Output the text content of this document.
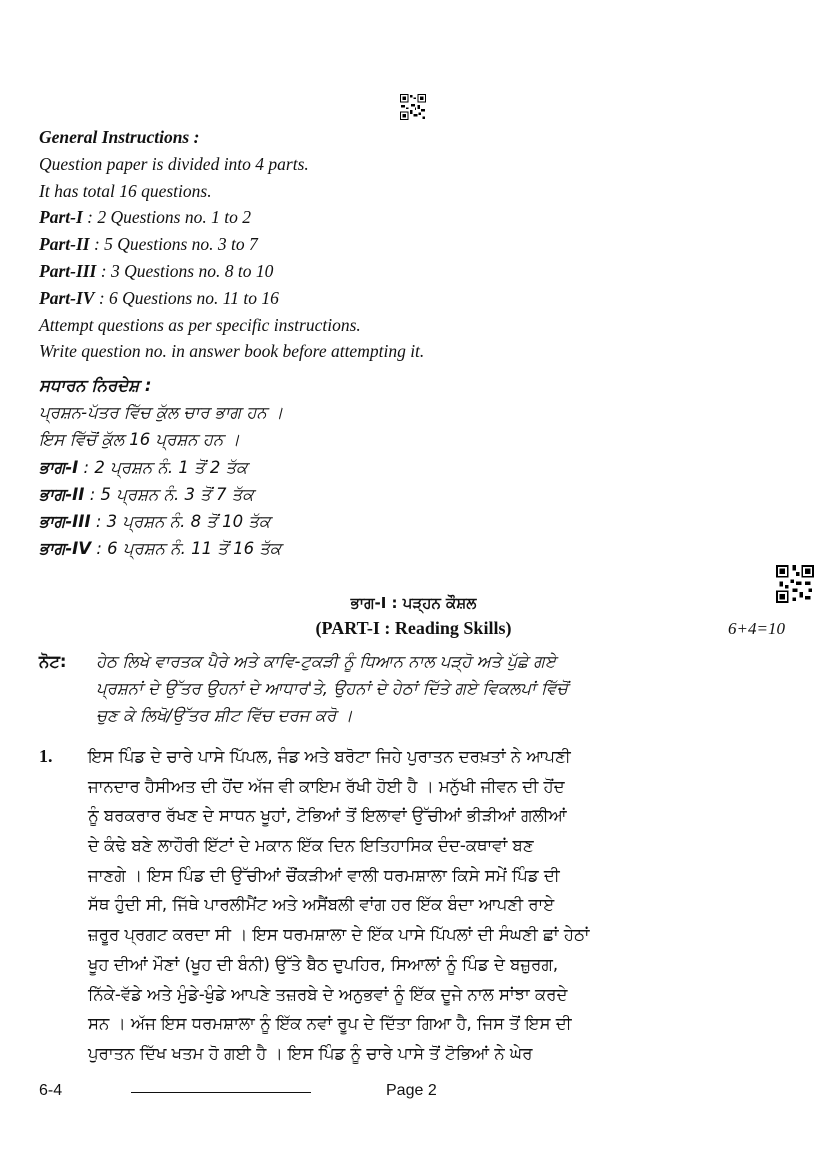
General Instructions :
Question paper is divided into 4 parts.
It has total 16 questions.
Part-I : 2 Questions no. 1 to 2
Part-II : 5 Questions no. 3 to 7
Part-III : 3 Questions no. 8 to 10
Part-IV : 6 Questions no. 11 to 16
Attempt questions as per specific instructions.
Write question no. in answer book before attempting it.
ਸਧਾਰਨ ਨਿਰਦੇਸ਼ :
ਪ੍ਰਸ਼ਨ-ਪੱਤਰ ਵਿੱਚ ਕੁੱਲ ਚਾਰ ਭਾਗ ਹਨ ।
ਇਸ ਵਿੱਚੋਂ ਕੁੱਲ 16 ਪ੍ਰਸ਼ਨ ਹਨ ।
ਭਾਗ-I : 2 ਪ੍ਰਸ਼ਨ ਨੰ. 1 ਤੋਂ 2 ਤੱਕ
ਭਾਗ-II : 5 ਪ੍ਰਸ਼ਨ ਨੰ. 3 ਤੋਂ 7 ਤੱਕ
ਭਾਗ-III : 3 ਪ੍ਰਸ਼ਨ ਨੰ. 8 ਤੋਂ 10 ਤੱਕ
ਭਾਗ-IV : 6 ਪ੍ਰਸ਼ਨ ਨੰ. 11 ਤੋਂ 16 ਤੱਕ
ਭਾਗ-I : ਪੜ੍ਹਨ ਕੌਸ਼ਲ
(PART-I : Reading Skills)	6+4=10
ਨੋਟ: ਹੇਠ ਲਿਖੇ ਵਾਰਤਕ ਪੈਰੇ ਅਤੇ ਕਾਵਿ-ਟੁਕੜੀ ਨੂੰ ਧਿਆਨ ਨਾਲ ਪੜ੍ਹੋ ਅਤੇ ਪੁੱਛੇ ਗਏ
ਪ੍ਰਸ਼ਨਾਂ ਦੇ ਉੱਤਰ ਉਹਨਾਂ ਦੇ ਆਧਾਰ'ਤੇ, ਉਹਨਾਂ ਦੇ ਹੇਠਾਂ ਦਿੱਤੇ ਗਏ ਵਿਕਲਪਾਂ ਵਿੱਚੋਂ
ਚੁਣ ਕੇ ਲਿਖੋ/ਉੱਤਰ ਸ਼ੀਟ ਵਿੱਚ ਦਰਜ ਕਰੋ ।
1. ਇਸ ਪਿੰਡ ਦੇ ਚਾਰੇ ਪਾਸੇ ਪਿੱਪਲ, ਜੰਡ ਅਤੇ ਬਰੋਟਾ ਜਿਹੇ ਪੁਰਾਤਨ ਦਰਖ਼ਤਾਂ ਨੇ ਆਪਣੀ
ਜਾਨਦਾਰ ਹੈਸੀਅਤ ਦੀ ਹੋਂਦ ਅੱਜ ਵੀ ਕਾਇਮ ਰੱਖੀ ਹੋਈ ਹੈ । ਮਨੁੱਖੀ ਜੀਵਨ ਦੀ ਹੋਂਦ
ਨੂੰ ਬਰਕਰਾਰ ਰੱਖਣ ਦੇ ਸਾਧਨ ਖੂਹਾਂ, ਟੋਭਿਆਂ ਤੋਂ ਇਲਾਵਾਂ ਉੱਚੀਆਂ ਭੀੜੀਆਂ ਗਲੀਆਂ
ਦੇ ਕੰਢੇ ਬਣੇ ਲਾਹੌਰੀ ਇੱਟਾਂ ਦੇ ਮਕਾਨ ਇੱਕ ਦਿਨ ਇਤਿਹਾਸਿਕ ਦੰਦ-ਕਥਾਵਾਂ ਬਣ
ਜਾਣਗੇ । ਇਸ ਪਿੰਡ ਦੀ ਉੱਚੀਆਂ ਚੌਂਕੜੀਆਂ ਵਾਲੀ ਧਰਮਸ਼ਾਲਾ ਕਿਸੇ ਸਮੇਂ ਪਿੰਡ ਦੀ
ਸੱਥ ਹੁੰਦੀ ਸੀ, ਜਿੱਥੇ ਪਾਰਲੀਮੈਂਟ ਅਤੇ ਅਸੈਂਬਲੀ ਵਾਂਗ ਹਰ ਇੱਕ ਬੰਦਾ ਆਪਣੀ ਰਾਏ
ਜ਼ਰੂਰ ਪ੍ਰਗਟ ਕਰਦਾ ਸੀ । ਇਸ ਧਰਮਸ਼ਾਲਾ ਦੇ ਇੱਕ ਪਾਸੇ ਪਿੱਪਲਾਂ ਦੀ ਸੰਘਣੀ ਛਾਂ ਹੇਠਾਂ
ਖੂਹ ਦੀਆਂ ਮੌਣਾਂ (ਖੂਹ ਦੀ ਬੰਨੀ) ਉੱਤੇ ਬੈਠ ਦੁਪਹਿਰ, ਸਿਆਲਾਂ ਨੂੰ ਪਿੰਡ ਦੇ ਬਜ਼ੁਰਗ,
ਨਿੱਕੇ-ਵੱਡੇ ਅਤੇ ਮੁੰਡੇ-ਖੁੰਡੇ ਆਪਣੇ ਤਜ਼ਰਬੇ ਦੇ ਅਨੁਭਵਾਂ ਨੂੰ ਇੱਕ ਦੂਜੇ ਨਾਲ ਸਾਂਝਾ ਕਰਦੇ
ਸਨ । ਅੱਜ ਇਸ ਧਰਮਸ਼ਾਲਾ ਨੂੰ ਇੱਕ ਨਵਾਂ ਰੂਪ ਦੇ ਦਿੱਤਾ ਗਿਆ ਹੈ, ਜਿਸ ਤੋਂ ਇਸ ਦੀ
ਪੁਰਾਤਨ ਦਿੱਖ ਖਤਮ ਹੋ ਗਈ ਹੈ । ਇਸ ਪਿੰਡ ਨੂੰ ਚਾਰੇ ਪਾਸੇ ਤੋਂ ਟੋਭਿਆਂ ਨੇ ਘੇਰ
6-4	Page 2
